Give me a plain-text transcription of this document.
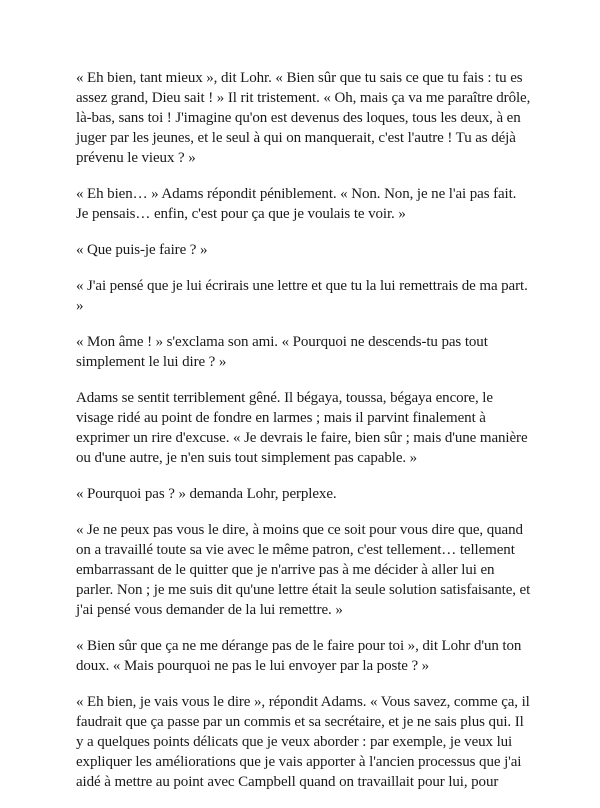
« Eh bien, tant mieux », dit Lohr. « Bien sûr que tu sais ce que tu fais : tu es assez grand, Dieu sait ! » Il rit tristement. « Oh, mais ça va me paraître drôle, là-bas, sans toi ! J'imagine qu'on est devenus des loques, tous les deux, à en juger par les jeunes, et le seul à qui on manquerait, c'est l'autre ! Tu as déjà prévenu le vieux ? »

« Eh bien… » Adams répondit péniblement. « Non. Non, je ne l'ai pas fait. Je pensais… enfin, c'est pour ça que je voulais te voir. »

« Que puis-je faire ? »

« J'ai pensé que je lui écrirais une lettre et que tu la lui remettrais de ma part. »

« Mon âme ! » s'exclama son ami. « Pourquoi ne descends-tu pas tout simplement le lui dire ? »

Adams se sentit terriblement gêné. Il bégaya, toussa, bégaya encore, le visage ridé au point de fondre en larmes ; mais il parvint finalement à exprimer un rire d'excuse. « Je devrais le faire, bien sûr ; mais d'une manière ou d'une autre, je n'en suis tout simplement pas capable. »

« Pourquoi pas ? » demanda Lohr, perplexe.

« Je ne peux pas vous le dire, à moins que ce soit pour vous dire que, quand on a travaillé toute sa vie avec le même patron, c'est tellement… tellement embarrassant de le quitter que je n'arrive pas à me décider à aller lui en parler. Non ; je me suis dit qu'une lettre était la seule solution satisfaisante, et j'ai pensé vous demander de la lui remettre. »

« Bien sûr que ça ne me dérange pas de le faire pour toi », dit Lohr d'un ton doux. « Mais pourquoi ne pas le lui envoyer par la poste ? »

« Eh bien, je vais vous le dire », répondit Adams. « Vous savez, comme ça, il faudrait que ça passe par un commis et sa secrétaire, et je ne sais plus qui. Il y a quelques points délicats que je veux aborder : par exemple, je veux lui expliquer les améliorations que je vais apporter à l'ancien processus que j'ai aidé à mettre au point avec Campbell quand on travaillait pour lui, pour
